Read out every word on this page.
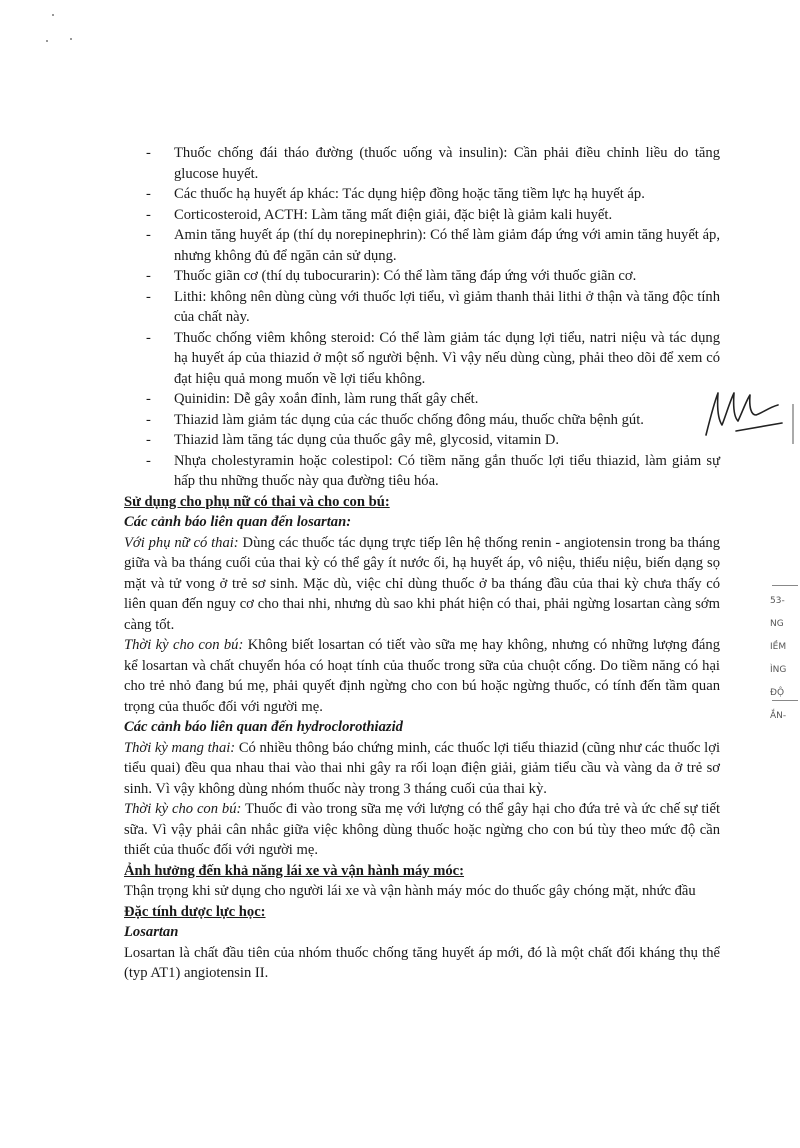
- Thuốc chống đái tháo đường (thuốc uống và insulin): Cần phải điều chỉnh liều do tăng glucose huyết.
- Các thuốc hạ huyết áp khác: Tác dụng hiệp đồng hoặc tăng tiềm lực hạ huyết áp.
- Corticosteroid, ACTH: Làm tăng mất điện giải, đặc biệt là giảm kali huyết.
- Amin tăng huyết áp (thí dụ norepinephrin): Có thể làm giảm đáp ứng với amin tăng huyết áp, nhưng không đủ để ngăn cản sử dụng.
- Thuốc giãn cơ (thí dụ tubocurarin): Có thể làm tăng đáp ứng với thuốc giãn cơ.
- Lithi: không nên dùng cùng với thuốc lợi tiểu, vì giảm thanh thải lithi ở thận và tăng độc tính của chất này.
- Thuốc chống viêm không steroid: Có thể làm giảm tác dụng lợi tiểu, natri niệu và tác dụng hạ huyết áp của thiazid ở một số người bệnh. Vì vậy nếu dùng cùng, phải theo dõi để xem có đạt hiệu quả mong muốn về lợi tiểu không.
- Quinidin: Dễ gây xoắn đỉnh, làm rung thất gây chết.
- Thiazid làm giảm tác dụng của các thuốc chống đông máu, thuốc chữa bệnh gút.
- Thiazid làm tăng tác dụng của thuốc gây mê, glycosid, vitamin D.
- Nhựa cholestyramin hoặc colestipol: Có tiềm năng gắn thuốc lợi tiểu thiazid, làm giảm sự hấp thu những thuốc này qua đường tiêu hóa.
Sử dụng cho phụ nữ có thai và cho con bú:
Các cảnh báo liên quan đến losartan:
Với phụ nữ có thai: Dùng các thuốc tác dụng trực tiếp lên hệ thống renin - angiotensin trong ba tháng giữa và ba tháng cuối của thai kỳ có thể gây ít nước ối, hạ huyết áp, vô niệu, thiểu niệu, biến dạng sọ mặt và tử vong ở trẻ sơ sinh. Mặc dù, việc chỉ dùng thuốc ở ba tháng đầu của thai kỳ chưa thấy có liên quan đến nguy cơ cho thai nhi, nhưng dù sao khi phát hiện có thai, phải ngừng losartan càng sớm càng tốt.
Thời kỳ cho con bú: Không biết losartan có tiết vào sữa mẹ hay không, nhưng có những lượng đáng kể losartan và chất chuyển hóa có hoạt tính của thuốc trong sữa của chuột cống. Do tiềm năng có hại cho trẻ nhỏ đang bú mẹ, phải quyết định ngừng cho con bú hoặc ngừng thuốc, có tính đến tầm quan trọng của thuốc đối với người mẹ.
Các cảnh báo liên quan đến hydroclorothiazid
Thời kỳ mang thai: Có nhiều thông báo chứng minh, các thuốc lợi tiểu thiazid (cũng như các thuốc lợi tiểu quai) đều qua nhau thai vào thai nhi gây ra rối loạn điện giải, giảm tiểu cầu và vàng da ở trẻ sơ sinh. Vì vậy không dùng nhóm thuốc này trong 3 tháng cuối của thai kỳ.
Thời kỳ cho con bú: Thuốc đi vào trong sữa mẹ với lượng có thể gây hại cho đứa trẻ và ức chế sự tiết sữa. Vì vậy phải cân nhắc giữa việc không dùng thuốc hoặc ngừng cho con bú tùy theo mức độ cần thiết của thuốc đối với người mẹ.
Ảnh hưởng đến khả năng lái xe và vận hành máy móc:
Thận trọng khi sử dụng cho người lái xe và vận hành máy móc do thuốc gây chóng mặt, nhức đầu
Đặc tính dược lực học:
Losartan
Losartan là chất đầu tiên của nhóm thuốc chống tăng huyết áp mới, đó là một chất đối kháng thụ thể (typ AT1) angiotensin II.
53-
NG
IỀM
ÌNG
ĐỘ
ẮN-
